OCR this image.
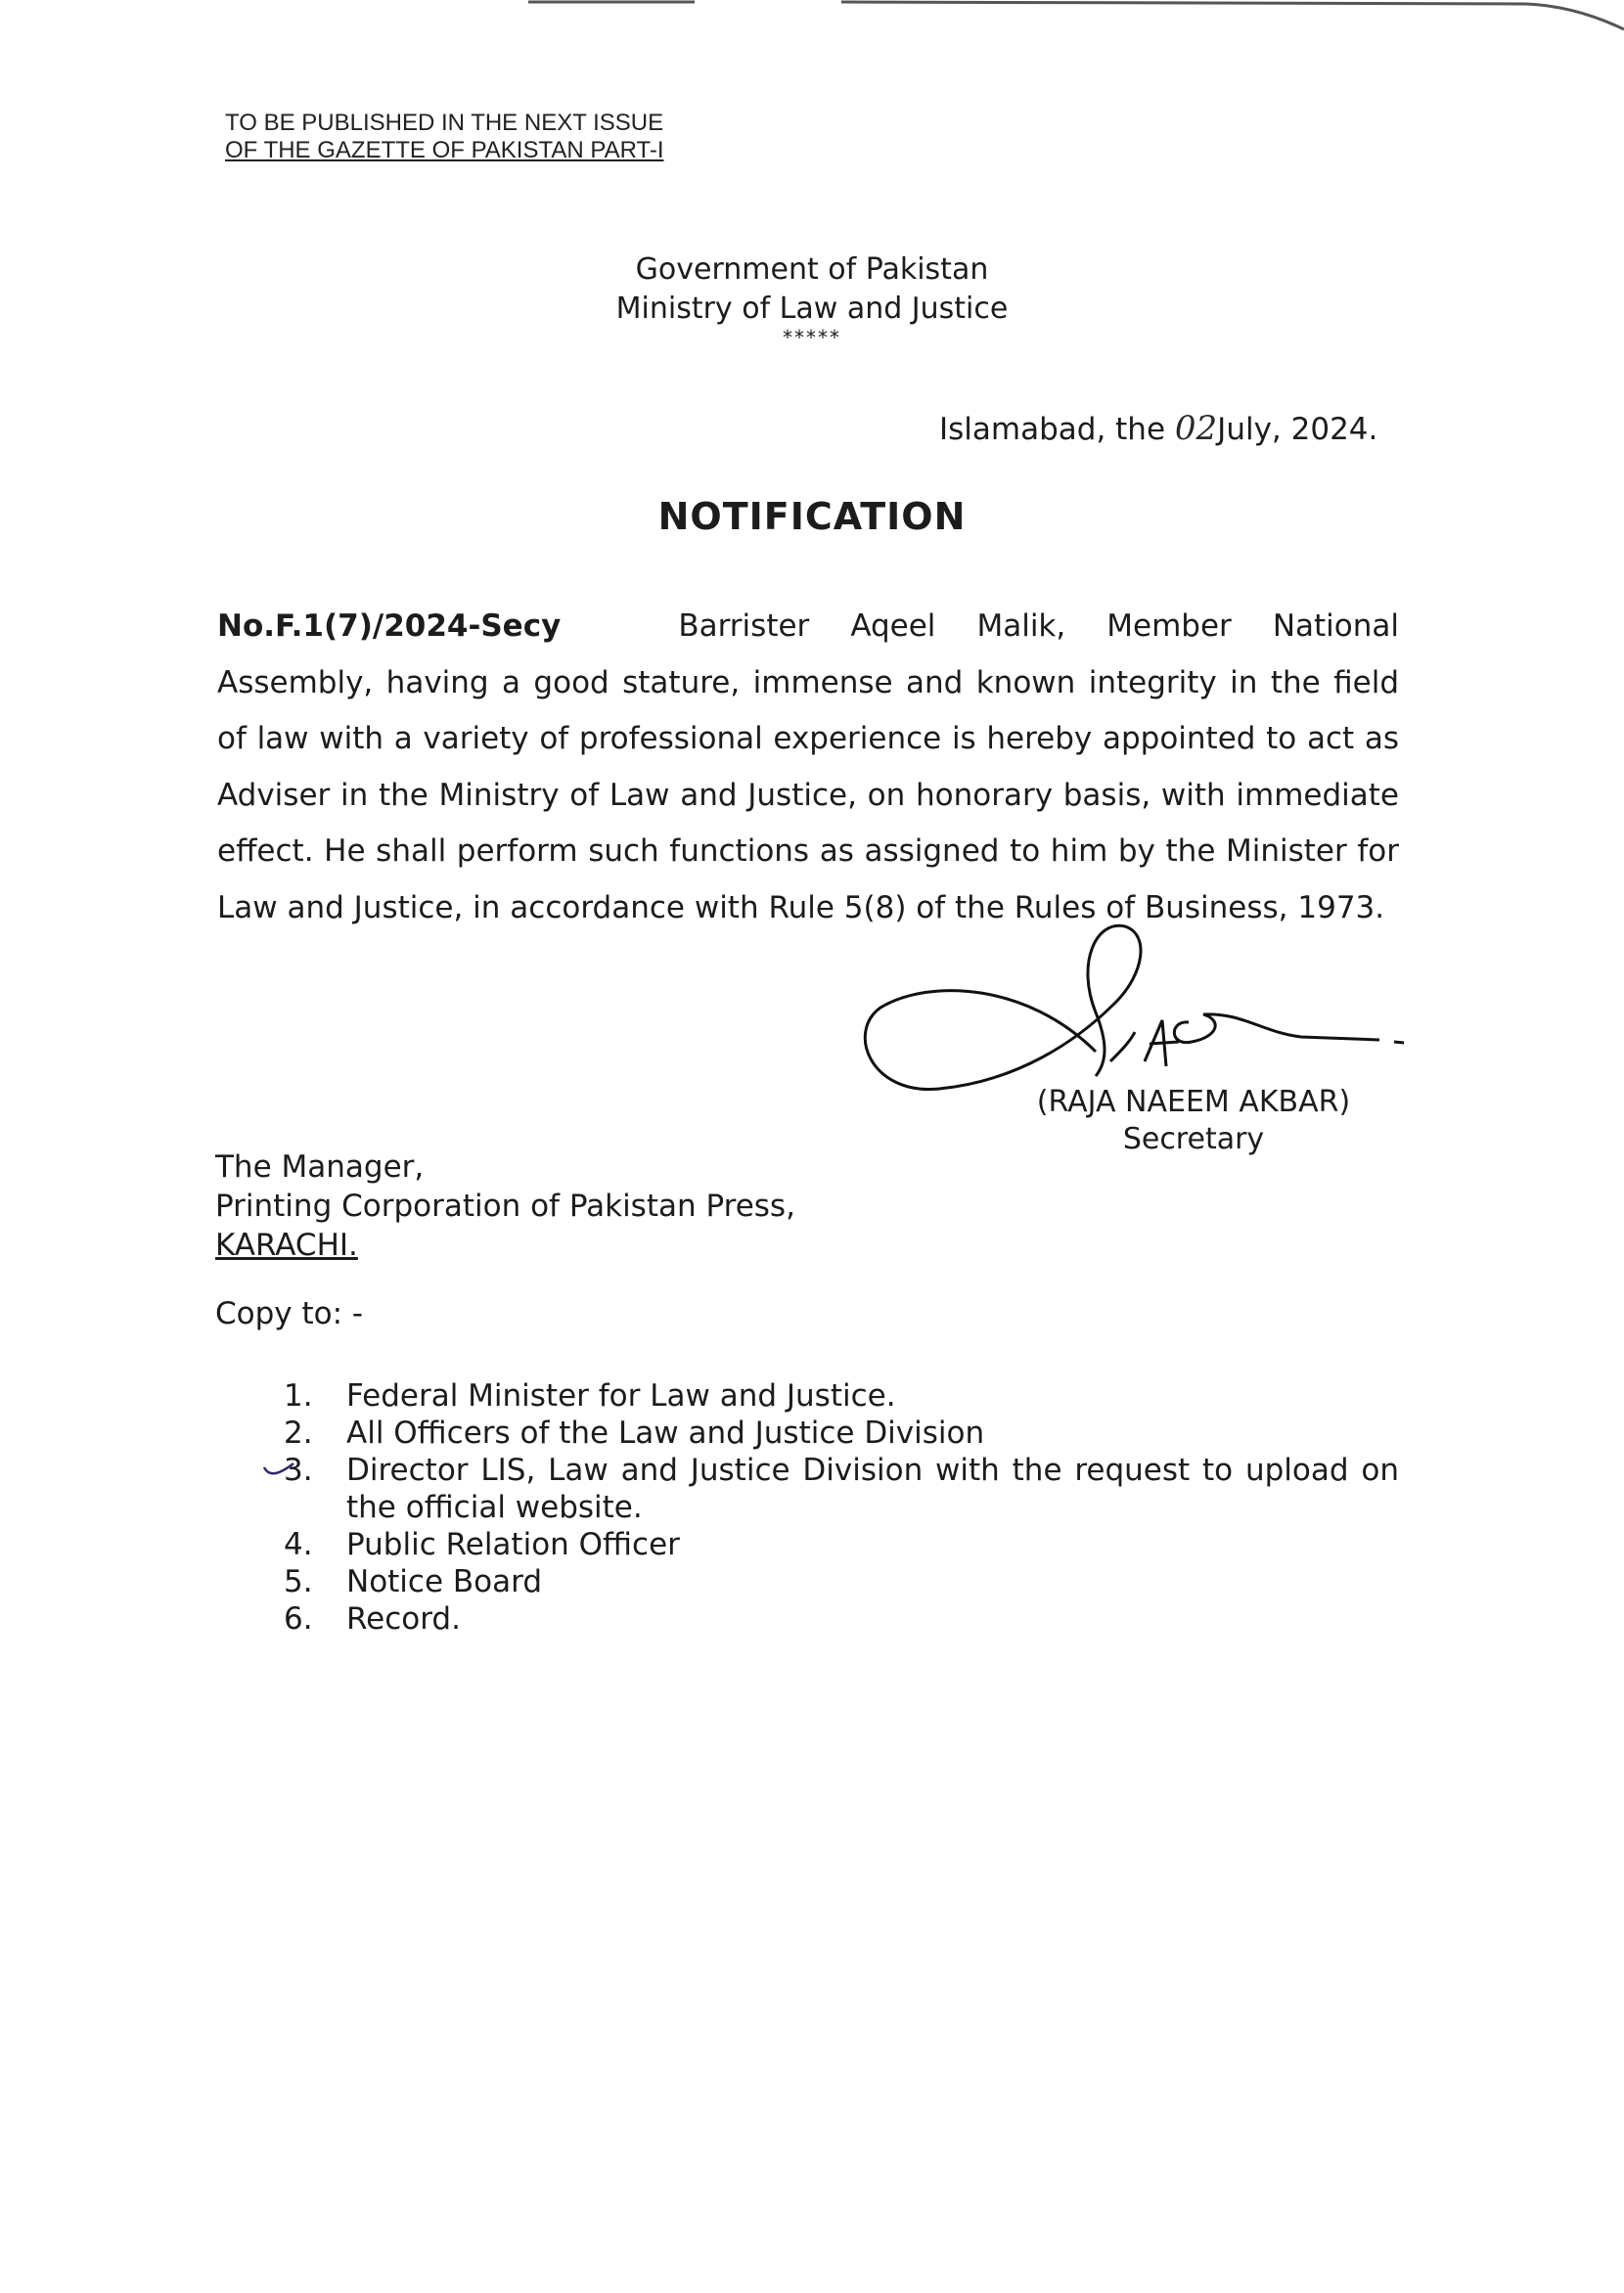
TO BE PUBLISHED IN THE NEXT ISSUE
OF THE GAZETTE OF PAKISTAN PART-I
Government of Pakistan
Ministry of Law and Justice
*****
Islamabad, the 02July, 2024.
NOTIFICATION
No.F.1(7)/2024-Secy	Barrister Aqeel Malik, Member National Assembly, having a good stature, immense and known integrity in the field of law with a variety of professional experience is hereby appointed to act as Adviser in the Ministry of Law and Justice, on honorary basis, with immediate effect. He shall perform such functions as assigned to him by the Minister for Law and Justice, in accordance with Rule 5(8) of the Rules of Business, 1973.
(RAJA NAEEM AKBAR)
Secretary
The Manager,
Printing Corporation of Pakistan Press,
KARACHI.
Copy to: -
1.	Federal Minister for Law and Justice.
2.	All Officers of the Law and Justice Division
3.	Director LIS, Law and Justice Division with the request to upload on the official website.
4.	Public Relation Officer
5.	Notice Board
6.	Record.
